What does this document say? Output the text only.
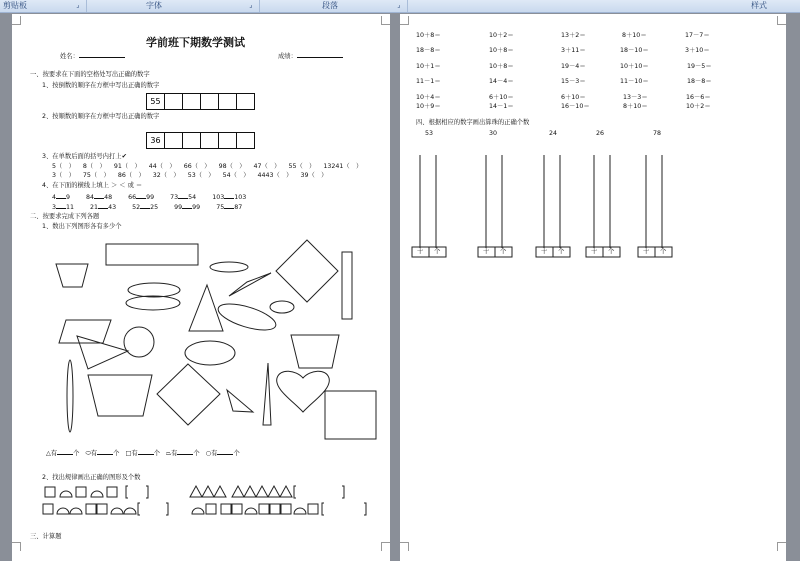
剪贴板	⌟	字体	⌟	段落	⌟	样式
学前班下期数学测试
姓名：	成绩：
一、按要求在下面的空格处写出正确的数字
1、按倒数的顺序在方框中写出正确的数字
55
2、按顺数的顺序在方框中写出正确的数字
36
3、在单数后面的括号内打上✔
5（　） 8（　） 91（　） 44（　） 66（　） 98（　） 47（　） 55（　） 13241（　）
3（　） 75（　） 86（　） 32（　） 53（　） 54（　） 4443（　） 39（　）
4、在下面的横线上填上 ＞ ＜ 或 ＝
4 9	84 48	66 99	73 54	103 103
3 11	21 43	52 25	99 99	75 87
二、按要求完成下列各题
1、数出下列图形各有多少个
△有	个 ⬭有	个 □有	个 ⏢有	个 ○有	个
2、找出规律画出正确的图形及个数
三、计算题
10＋8＝	10＋2＝	13＋2＝	8＋10＝	17－7＝
18－8＝	10＋8＝	3＋11＝	18－10＝	3＋10＝
10＋1＝	10＋8＝	19－4＝	10＋10＝	19－5＝
11－1＝	14－4＝	15－3＝	11－10＝	18－8＝
10＋4＝	6＋10＝	6＋10＝	13－3＝	16－6＝
10＋9＝	14－1＝	16－10＝	8＋10＝	10＋2＝
四、根据相应的数字画出算珠的正确个数
53	30	24	26	78
十 个	十 个	十 个	十 个	十 个
